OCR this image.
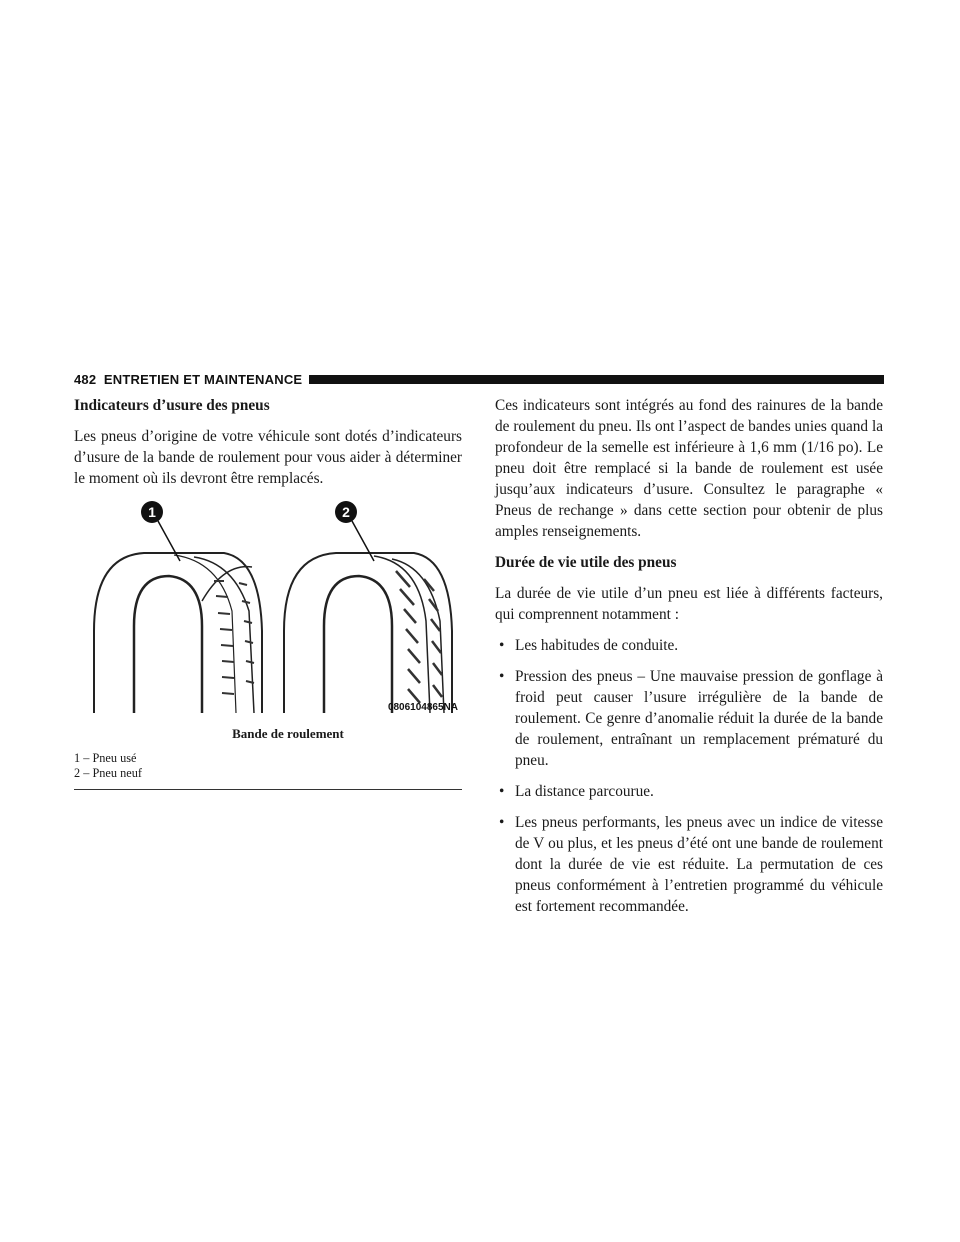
482 ENTRETIEN ET MAINTENANCE
Indicateurs d’usure des pneus

Les pneus d’origine de votre véhicule sont dotés d’indicateurs d’usure de la bande de roulement pour vous aider à déterminer le moment où ils devront être remplacés.

1	2
0806104865NA
Bande de roulement
1 – Pneu usé
2 – Pneu neuf

Ces indicateurs sont intégrés au fond des rainures de la bande de roulement du pneu. Ils ont l’aspect de bandes unies quand la profondeur de la semelle est inférieure à 1,6 mm (1/16 po). Le pneu doit être remplacé si la bande de roulement est usée jusqu’aux indicateurs d’usure. Consultez le paragraphe « Pneus de rechange » dans cette section pour obtenir de plus amples renseignements.

Durée de vie utile des pneus

La durée de vie utile d’un pneu est liée à différents facteurs, qui comprennent notamment :

• Les habitudes de conduite.
• Pression des pneus – Une mauvaise pression de gonflage à froid peut causer l’usure irrégulière de la bande de roulement. Ce genre d’anomalie réduit la durée de la bande de roulement, entraînant un remplacement prématuré du pneu.
• La distance parcourue.
• Les pneus performants, les pneus avec un indice de vitesse de V ou plus, et les pneus d’été ont une bande de roulement dont la durée de vie est réduite. La permutation de ces pneus conformément à l’entretien programmé du véhicule est fortement recommandée.
